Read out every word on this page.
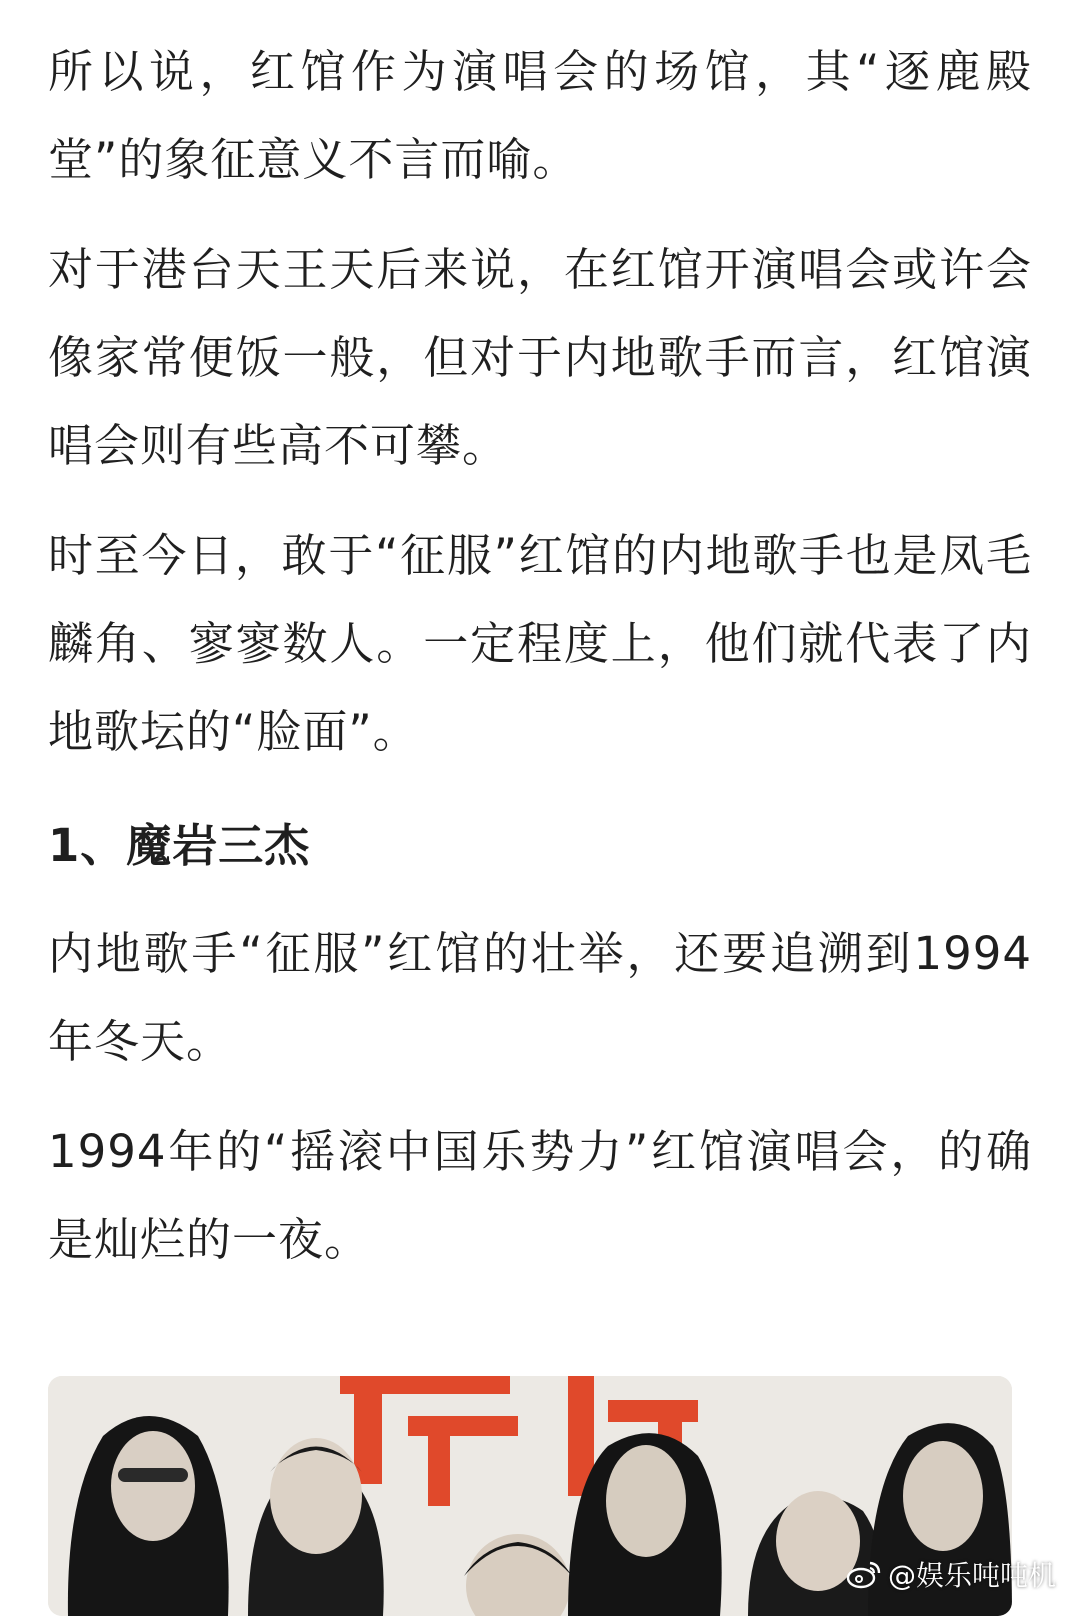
所以说，红馆作为演唱会的场馆，其“逐鹿殿堂”的象征意义不言而喻。

对于港台天王天后来说，在红馆开演唱会或许会像家常便饭一般，但对于内地歌手而言，红馆演唱会则有些高不可攀。

时至今日，敢于“征服”红馆的内地歌手也是凤毛麟角、寥寥数人。一定程度上，他们就代表了内地歌坛的“脸面”。

1、魔岩三杰

内地歌手“征服”红馆的壮举，还要追溯到1994年冬天。

1994年的“摇滚中国乐势力”红馆演唱会，的确是灿烂的一夜。

@娱乐吨吨机
